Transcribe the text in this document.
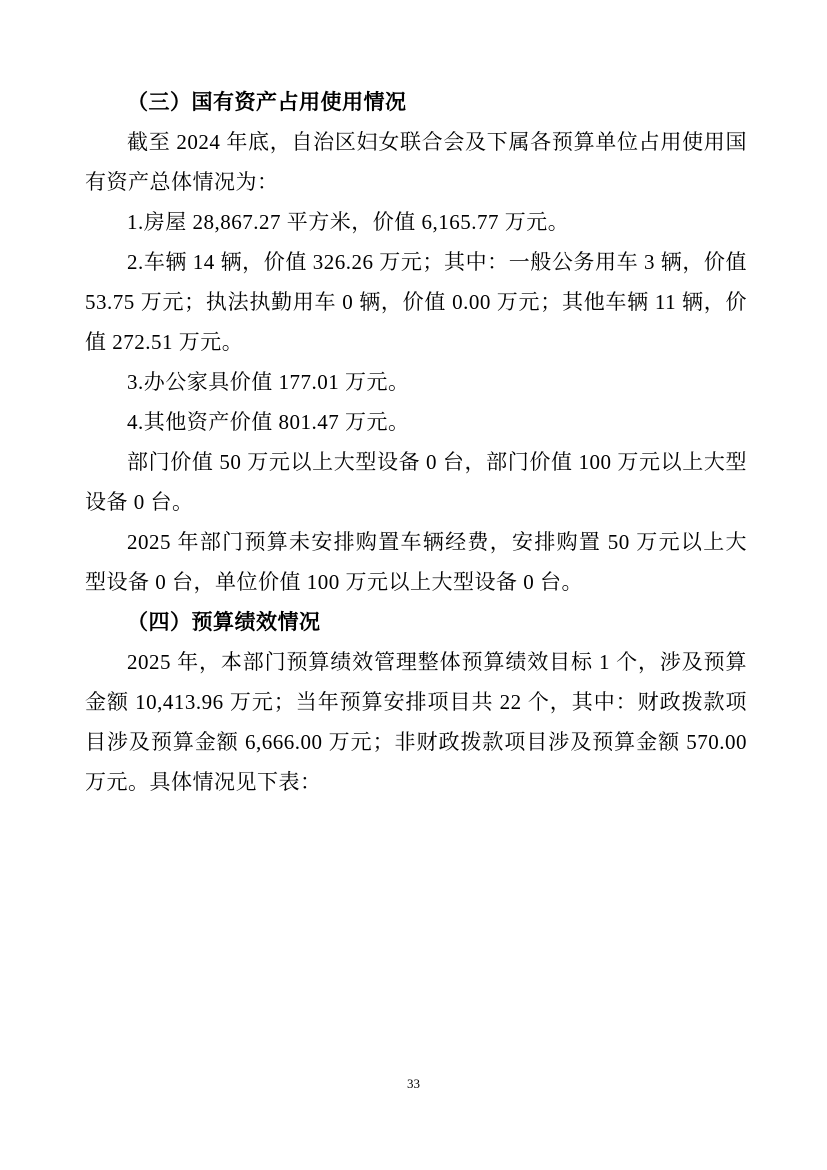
（三）国有资产占用使用情况

截至 2024 年底，自治区妇女联合会及下属各预算单位占用使用国有资产总体情况为：

1.房屋 28,867.27 平方米，价值 6,165.77 万元。

2.车辆 14 辆，价值 326.26 万元；其中：一般公务用车 3 辆，价值 53.75 万元；执法执勤用车 0 辆，价值 0.00 万元；其他车辆 11 辆，价值 272.51 万元。

3.办公家具价值 177.01 万元。

4.其他资产价值 801.47 万元。

部门价值 50 万元以上大型设备 0 台，部门价值 100 万元以上大型设备 0 台。

2025 年部门预算未安排购置车辆经费，安排购置 50 万元以上大型设备 0 台，单位价值 100 万元以上大型设备 0 台。

（四）预算绩效情况

2025 年，本部门预算绩效管理整体预算绩效目标 1 个，涉及预算金额 10,413.96 万元；当年预算安排项目共 22 个，其中：财政拨款项目涉及预算金额 6,666.00 万元；非财政拨款项目涉及预算金额 570.00 万元。具体情况见下表：

33
